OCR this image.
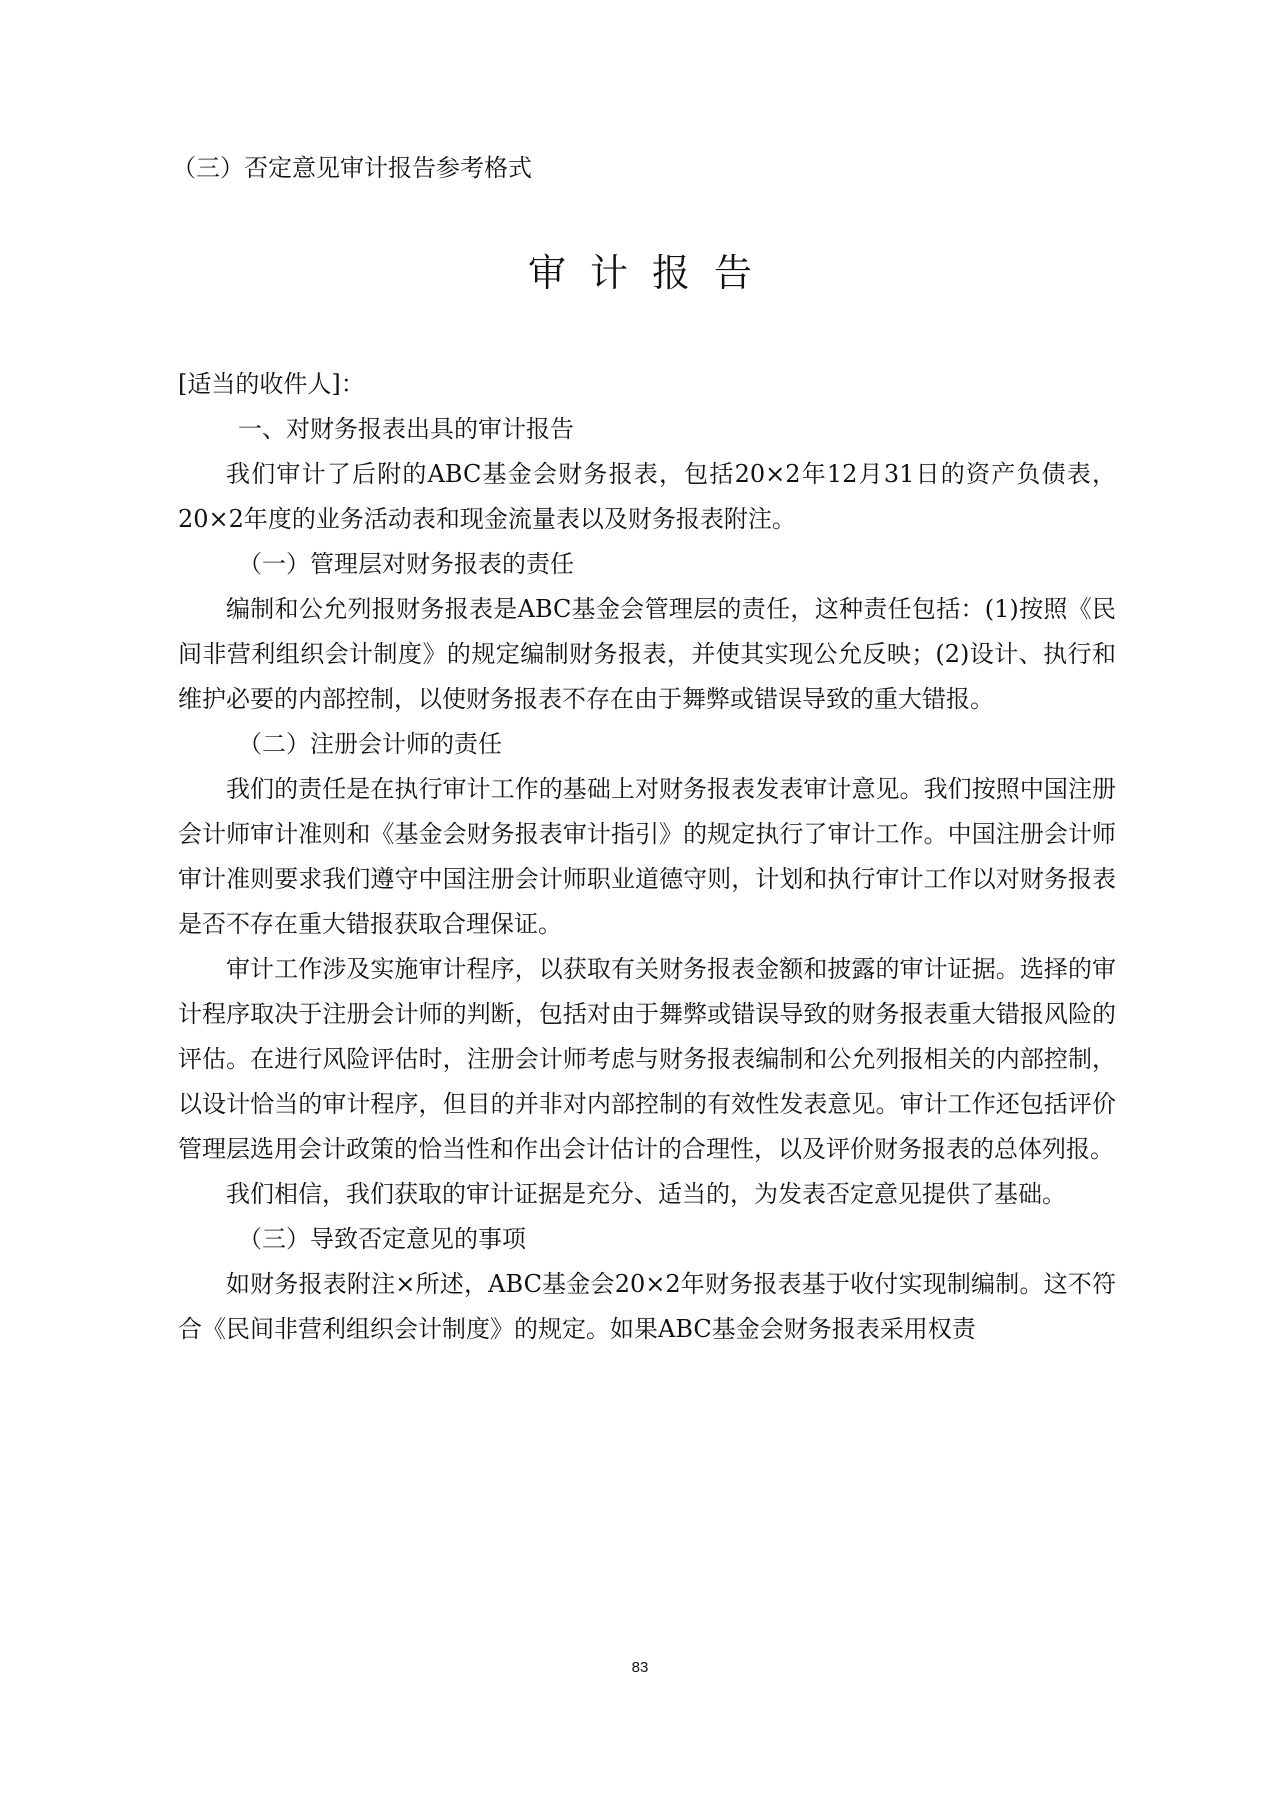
（三）否定意见审计报告参考格式
审计报告

[适当的收件人]：

一、对财务报表出具的审计报告

我们审计了后附的ABC基金会财务报表，包括20×2年12月31日的资产负债表，20×2年度的业务活动表和现金流量表以及财务报表附注。

（一）管理层对财务报表的责任

编制和公允列报财务报表是ABC基金会管理层的责任，这种责任包括：(1)按照《民间非营利组织会计制度》的规定编制财务报表，并使其实现公允反映；(2)设计、执行和维护必要的内部控制，以使财务报表不存在由于舞弊或错误导致的重大错报。

（二）注册会计师的责任

我们的责任是在执行审计工作的基础上对财务报表发表审计意见。我们按照中国注册会计师审计准则和《基金会财务报表审计指引》的规定执行了审计工作。中国注册会计师审计准则要求我们遵守中国注册会计师职业道德守则，计划和执行审计工作以对财务报表是否不存在重大错报获取合理保证。

审计工作涉及实施审计程序，以获取有关财务报表金额和披露的审计证据。选择的审计程序取决于注册会计师的判断，包括对由于舞弊或错误导致的财务报表重大错报风险的评估。在进行风险评估时，注册会计师考虑与财务报表编制和公允列报相关的内部控制，以设计恰当的审计程序，但目的并非对内部控制的有效性发表意见。审计工作还包括评价管理层选用会计政策的恰当性和作出会计估计的合理性，以及评价财务报表的总体列报。

我们相信，我们获取的审计证据是充分、适当的，为发表否定意见提供了基础。

（三）导致否定意见的事项

如财务报表附注×所述，ABC基金会20×2年财务报表基于收付实现制编制。这不符合《民间非营利组织会计制度》的规定。如果ABC基金会财务报表采用权责

83
